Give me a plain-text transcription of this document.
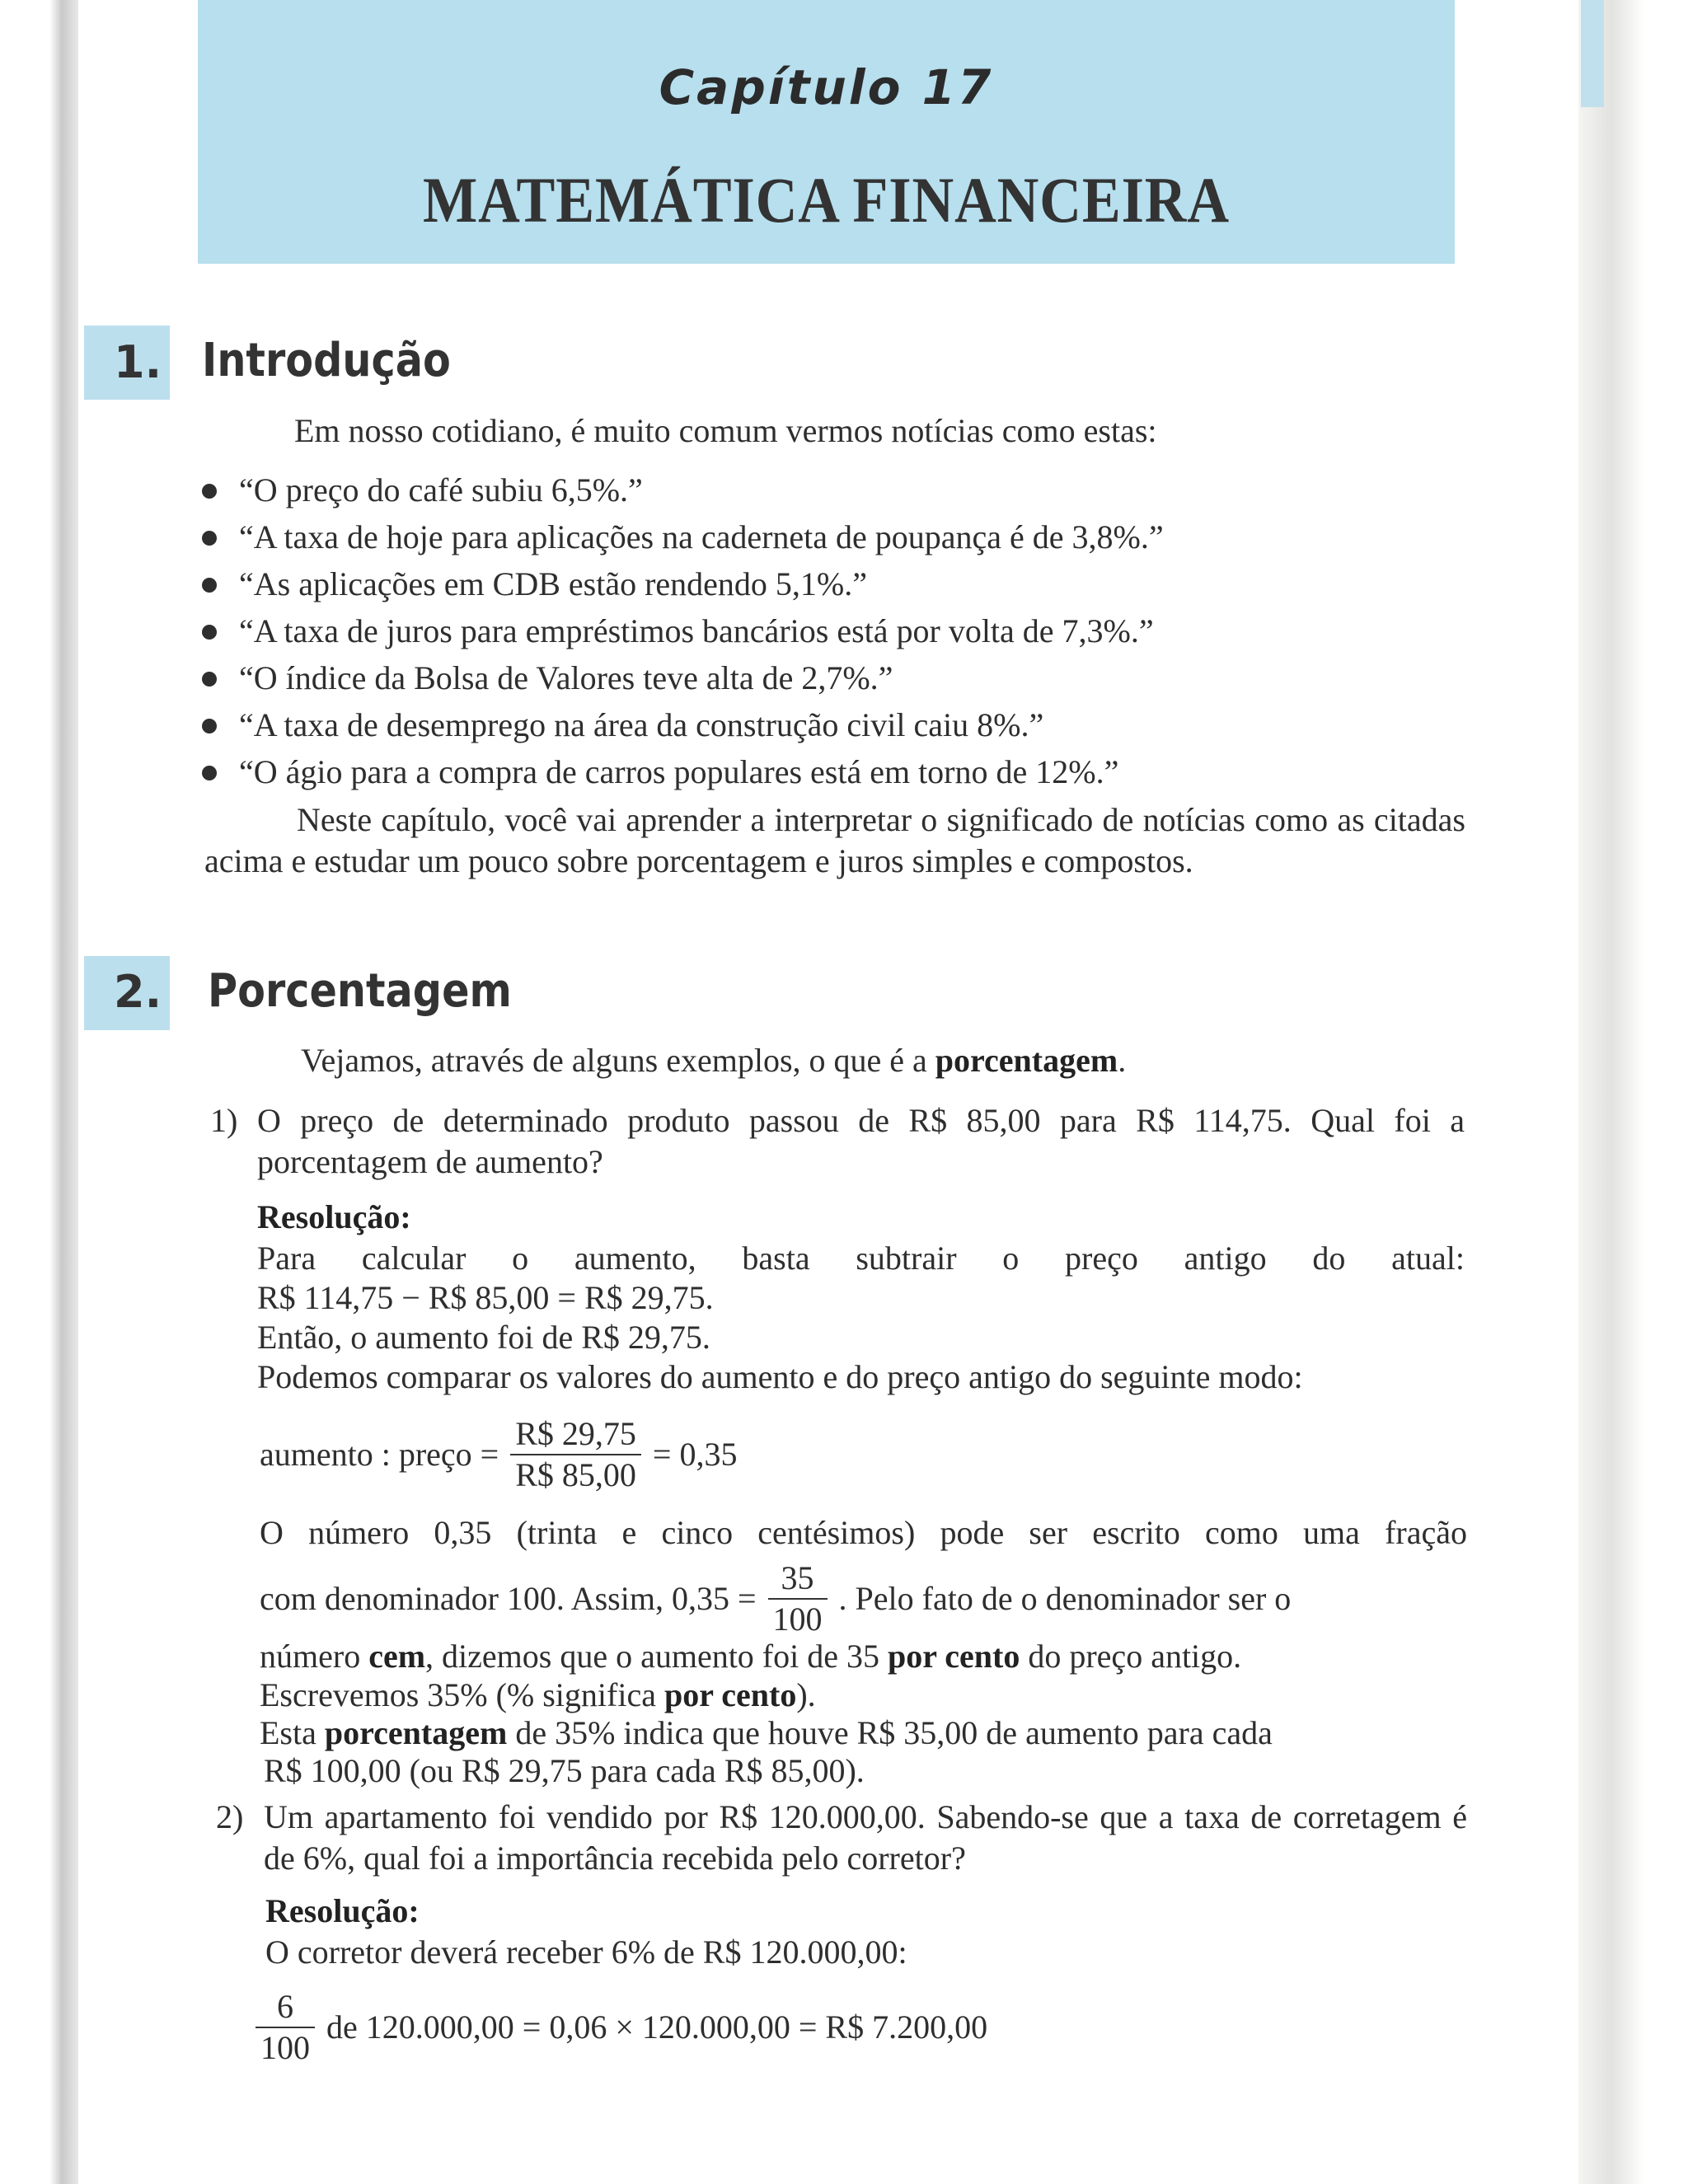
Capítulo 17
MATEMÁTICA FINANCEIRA
1. Introdução
Em nosso cotidiano, é muito comum vermos notícias como estas:
“O preço do café subiu 6,5%.”
“A taxa de hoje para aplicações na caderneta de poupança é de 3,8%.”
“As aplicações em CDB estão rendendo 5,1%.”
“A taxa de juros para empréstimos bancários está por volta de 7,3%.”
“O índice da Bolsa de Valores teve alta de 2,7%.”
“A taxa de desemprego na área da construção civil caiu 8%.”
“O ágio para a compra de carros populares está em torno de 12%.”
Neste capítulo, você vai aprender a interpretar o significado de notícias como as citadas acima e estudar um pouco sobre porcentagem e juros simples e compostos.
2. Porcentagem
Vejamos, através de alguns exemplos, o que é a porcentagem.
1) O preço de determinado produto passou de R$ 85,00 para R$ 114,75. Qual foi a porcentagem de aumento?
Resolução:
Para calcular o aumento, basta subtrair o preço antigo do atual:
R$ 114,75 − R$ 85,00 = R$ 29,75.
Então, o aumento foi de R$ 29,75.
Podemos comparar os valores do aumento e do preço antigo do seguinte modo:
aumento : preço = $\frac{R\$ 29,75}{R\$ 85,00} = 0,35$
O número 0,35 (trinta e cinco centésimos) pode ser escrito como uma fração
com denominador 100. Assim, $0,35 = \frac{35}{100}$ . Pelo fato de o denominador ser o
número cem, dizemos que o aumento foi de 35 por cento do preço antigo.
Escrevemos 35% (% significa por cento).
Esta porcentagem de 35% indica que houve R$ 35,00 de aumento para cada
R$ 100,00 (ou R$ 29,75 para cada R$ 85,00).
2) Um apartamento foi vendido por R$ 120.000,00. Sabendo-se que a taxa de corretagem é de 6%, qual foi a importância recebida pelo corretor?
Resolução:
O corretor deverá receber 6% de R$ 120.000,00:
$\frac{6}{100}$ de 120.000,00 = 0,06 × 120.000,00 = R$ 7.200,00
